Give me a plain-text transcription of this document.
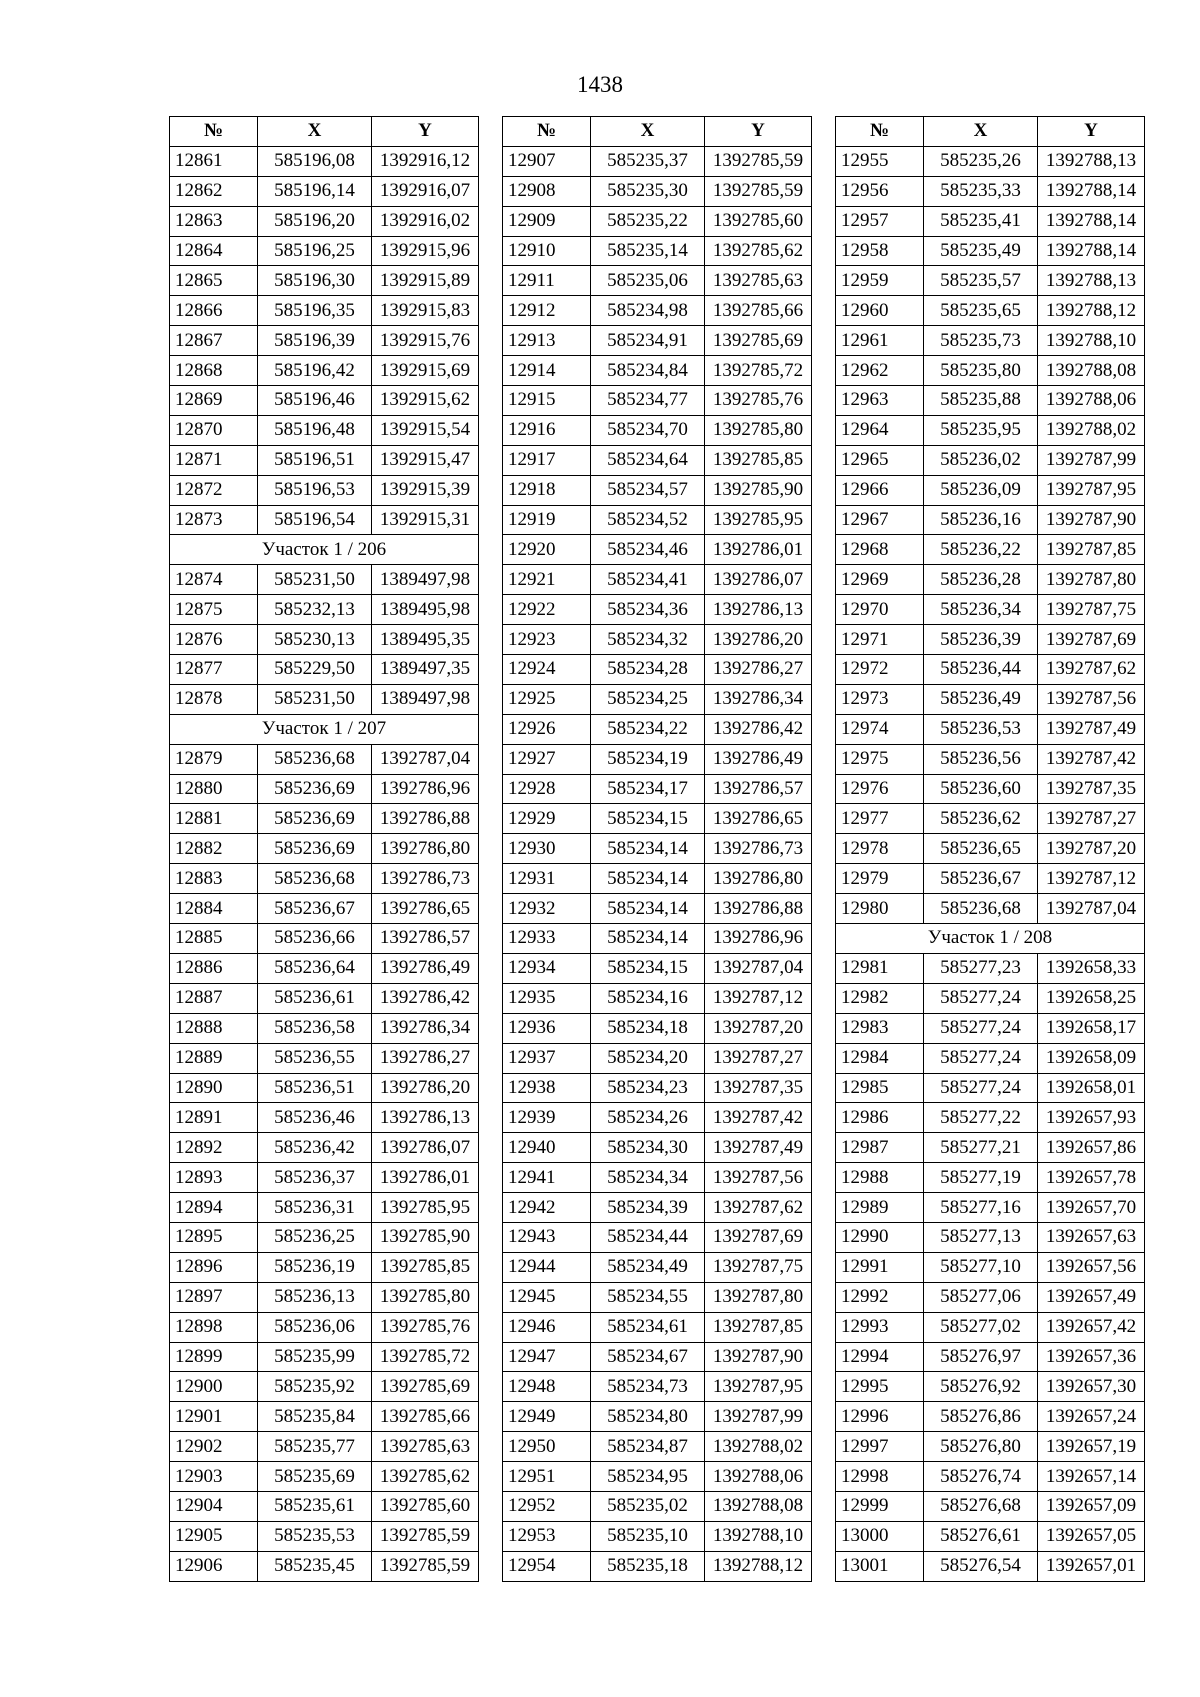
1438
№	X	Y
12861	585196,08	1392916,12
12862	585196,14	1392916,07
12863	585196,20	1392916,02
12864	585196,25	1392915,96
12865	585196,30	1392915,89
12866	585196,35	1392915,83
12867	585196,39	1392915,76
12868	585196,42	1392915,69
12869	585196,46	1392915,62
12870	585196,48	1392915,54
12871	585196,51	1392915,47
12872	585196,53	1392915,39
12873	585196,54	1392915,31
Участок 1 / 206		
12874	585231,50	1389497,98
12875	585232,13	1389495,98
12876	585230,13	1389495,35
12877	585229,50	1389497,35
12878	585231,50	1389497,98
Участок 1 / 207		
12879	585236,68	1392787,04
12880	585236,69	1392786,96
12881	585236,69	1392786,88
12882	585236,69	1392786,80
12883	585236,68	1392786,73
12884	585236,67	1392786,65
12885	585236,66	1392786,57
12886	585236,64	1392786,49
12887	585236,61	1392786,42
12888	585236,58	1392786,34
12889	585236,55	1392786,27
12890	585236,51	1392786,20
12891	585236,46	1392786,13
12892	585236,42	1392786,07
12893	585236,37	1392786,01
12894	585236,31	1392785,95
12895	585236,25	1392785,90
12896	585236,19	1392785,85
12897	585236,13	1392785,80
12898	585236,06	1392785,76
12899	585235,99	1392785,72
12900	585235,92	1392785,69
12901	585235,84	1392785,66
12902	585235,77	1392785,63
12903	585235,69	1392785,62
12904	585235,61	1392785,60
12905	585235,53	1392785,59
12906	585235,45	1392785,59
№	X	Y
12907	585235,37	1392785,59
12908	585235,30	1392785,59
12909	585235,22	1392785,60
12910	585235,14	1392785,62
12911	585235,06	1392785,63
12912	585234,98	1392785,66
12913	585234,91	1392785,69
12914	585234,84	1392785,72
12915	585234,77	1392785,76
12916	585234,70	1392785,80
12917	585234,64	1392785,85
12918	585234,57	1392785,90
12919	585234,52	1392785,95
12920	585234,46	1392786,01
12921	585234,41	1392786,07
12922	585234,36	1392786,13
12923	585234,32	1392786,20
12924	585234,28	1392786,27
12925	585234,25	1392786,34
12926	585234,22	1392786,42
12927	585234,19	1392786,49
12928	585234,17	1392786,57
12929	585234,15	1392786,65
12930	585234,14	1392786,73
12931	585234,14	1392786,80
12932	585234,14	1392786,88
12933	585234,14	1392786,96
12934	585234,15	1392787,04
12935	585234,16	1392787,12
12936	585234,18	1392787,20
12937	585234,20	1392787,27
12938	585234,23	1392787,35
12939	585234,26	1392787,42
12940	585234,30	1392787,49
12941	585234,34	1392787,56
12942	585234,39	1392787,62
12943	585234,44	1392787,69
12944	585234,49	1392787,75
12945	585234,55	1392787,80
12946	585234,61	1392787,85
12947	585234,67	1392787,90
12948	585234,73	1392787,95
12949	585234,80	1392787,99
12950	585234,87	1392788,02
12951	585234,95	1392788,06
12952	585235,02	1392788,08
12953	585235,10	1392788,10
12954	585235,18	1392788,12
№	X	Y
12955	585235,26	1392788,13
12956	585235,33	1392788,14
12957	585235,41	1392788,14
12958	585235,49	1392788,14
12959	585235,57	1392788,13
12960	585235,65	1392788,12
12961	585235,73	1392788,10
12962	585235,80	1392788,08
12963	585235,88	1392788,06
12964	585235,95	1392788,02
12965	585236,02	1392787,99
12966	585236,09	1392787,95
12967	585236,16	1392787,90
12968	585236,22	1392787,85
12969	585236,28	1392787,80
12970	585236,34	1392787,75
12971	585236,39	1392787,69
12972	585236,44	1392787,62
12973	585236,49	1392787,56
12974	585236,53	1392787,49
12975	585236,56	1392787,42
12976	585236,60	1392787,35
12977	585236,62	1392787,27
12978	585236,65	1392787,20
12979	585236,67	1392787,12
12980	585236,68	1392787,04
Участок 1 / 208		
12981	585277,23	1392658,33
12982	585277,24	1392658,25
12983	585277,24	1392658,17
12984	585277,24	1392658,09
12985	585277,24	1392658,01
12986	585277,22	1392657,93
12987	585277,21	1392657,86
12988	585277,19	1392657,78
12989	585277,16	1392657,70
12990	585277,13	1392657,63
12991	585277,10	1392657,56
12992	585277,06	1392657,49
12993	585277,02	1392657,42
12994	585276,97	1392657,36
12995	585276,92	1392657,30
12996	585276,86	1392657,24
12997	585276,80	1392657,19
12998	585276,74	1392657,14
12999	585276,68	1392657,09
13000	585276,61	1392657,05
13001	585276,54	1392657,01
